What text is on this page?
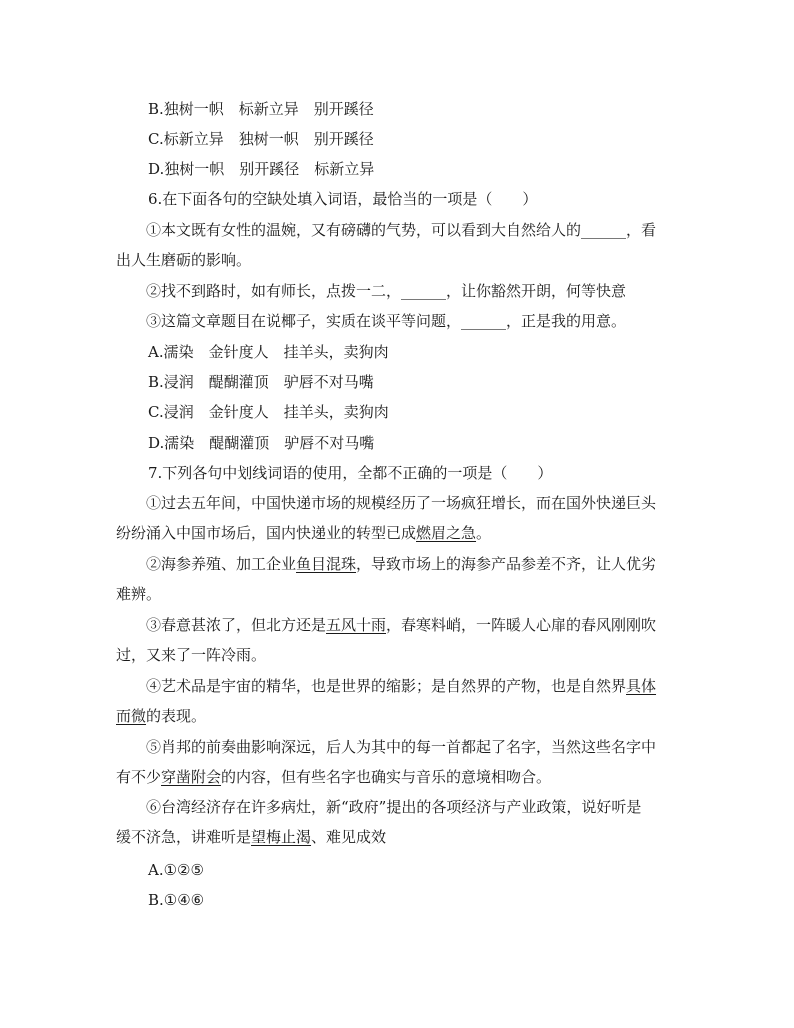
B.独树一帜　标新立异　别开蹊径
C.标新立异　独树一帜　别开蹊径
D.独树一帜　别开蹊径　标新立异
6.在下面各句的空缺处填入词语，最恰当的一项是（　　）
①本文既有女性的温婉，又有磅礴的气势，可以看到大自然给人的______，看
出人生磨砺的影响。
②找不到路时，如有师长，点拨一二，______，让你豁然开朗，何等快意
③这篇文章题目在说椰子，实质在谈平等问题，______，正是我的用意。
A.濡染　金针度人　挂羊头，卖狗肉
B.浸润　醍醐灌顶　驴唇不对马嘴
C.浸润　金针度人　挂羊头，卖狗肉
D.濡染　醍醐灌顶　驴唇不对马嘴
7.下列各句中划线词语的使用，全都不正确的一项是（　　）
①过去五年间，中国快递市场的规模经历了一场疯狂增长，而在国外快递巨头
纷纷涌入中国市场后，国内快递业的转型已成燃眉之急。
②海参养殖、加工企业鱼目混珠，导致市场上的海参产品参差不齐，让人优劣
难辨。
③春意甚浓了，但北方还是五风十雨，春寒料峭，一阵暖人心扉的春风刚刚吹
过，又来了一阵冷雨。
④艺术品是宇宙的精华，也是世界的缩影；是自然界的产物，也是自然界具体
而微的表现。
⑤肖邦的前奏曲影响深远，后人为其中的每一首都起了名字，当然这些名字中
有不少穿凿附会的内容，但有些名字也确实与音乐的意境相吻合。
⑥台湾经济存在许多病灶，新“政府”提出的各项经济与产业政策，说好听是
缓不济急，讲难听是望梅止渴、难见成效
A.①②⑤
B.①④⑥
